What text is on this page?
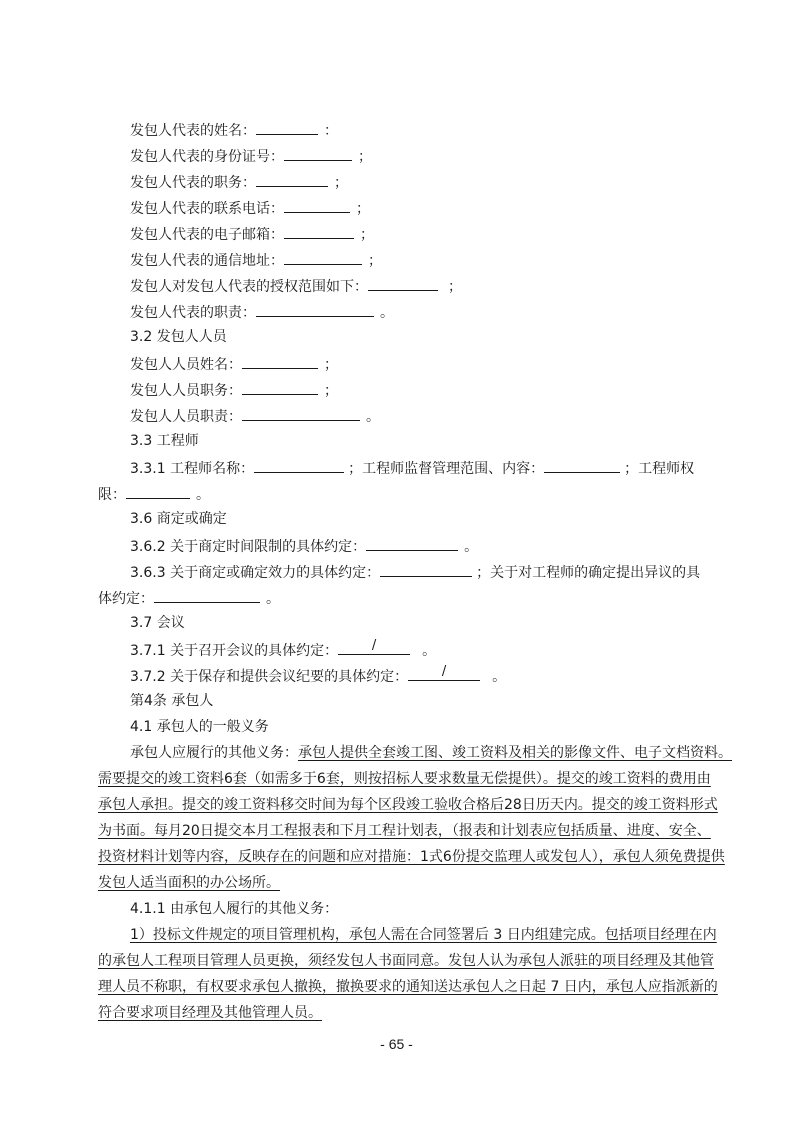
发包人代表的姓名：	：
发包人代表的身份证号：	；
发包人代表的职务：	；
发包人代表的联系电话：	；
发包人代表的电子邮箱：	；
发包人代表的通信地址：	；
发包人对发包人代表的授权范围如下：	；
发包人代表的职责：	。
3.2 发包人人员
发包人人员姓名：	；
发包人人员职务：	；
发包人人员职责：	。
3.3 工程师
3.3.1 工程师名称：	；工程师监督管理范围、内容：	；工程师权
限：	。
3.6 商定或确定
3.6.2 关于商定时间限制的具体约定：	。
3.6.3 关于商定或确定效力的具体约定：	；关于对工程师的确定提出异议的具
体约定：	。
3.7 会议
3.7.1 关于召开会议的具体约定：	/	。
3.7.2 关于保存和提供会议纪要的具体约定：	/	。
第4条 承包人
4.1 承包人的一般义务
承包人应履行的其他义务：承包人提供全套竣工图、竣工资料及相关的影像文件、电子文档资料。
需要提交的竣工资料6套（如需多于6套，则按招标人要求数量无偿提供）。提交的竣工资料的费用由
承包人承担。提交的竣工资料移交时间为每个区段竣工验收合格后28日历天内。提交的竣工资料形式
为书面。每月20日提交本月工程报表和下月工程计划表，（报表和计划表应包括质量、进度、安全、
投资材料计划等内容，反映存在的问题和应对措施：1式6份提交监理人或发包人），承包人须免费提供
发包人适当面积的办公场所。
4.1.1 由承包人履行的其他义务：
1）投标文件规定的项目管理机构，承包人需在合同签署后 3 日内组建完成。包括项目经理在内
的承包人工程项目管理人员更换，须经发包人书面同意。发包人认为承包人派驻的项目经理及其他管
理人员不称职，有权要求承包人撤换，撤换要求的通知送达承包人之日起 7 日内，承包人应指派新的
符合要求项目经理及其他管理人员。
- 65 -
